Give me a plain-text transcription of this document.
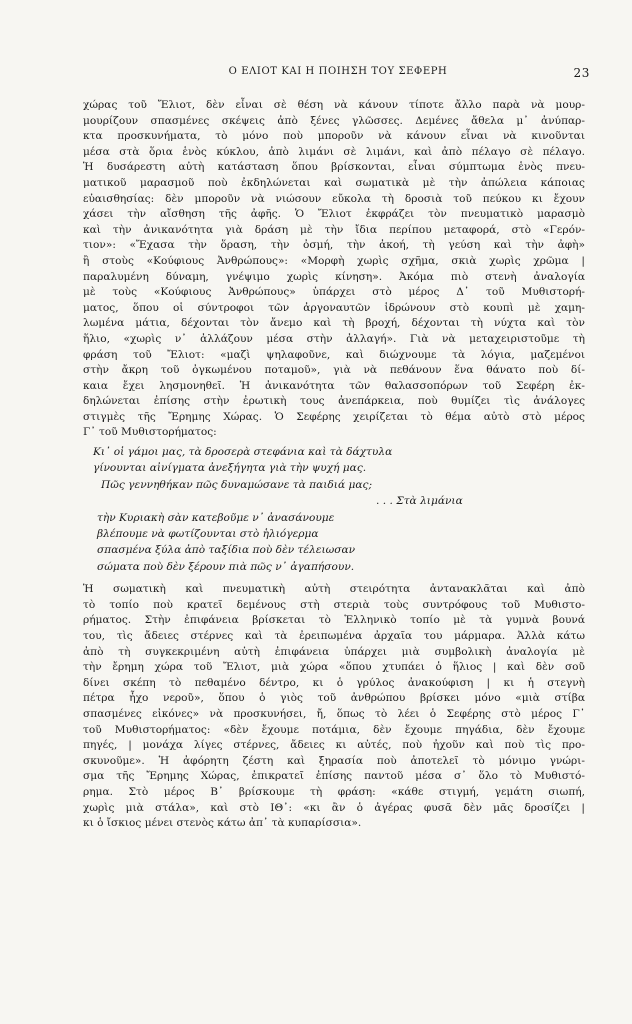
Ο ΕΛΙΟΤ ΚΑΙ Η ΠΟΙΗΣΗ ΤΟΥ ΣΕΦΕΡΗ	23
χώρας τοῦ Ἔλιοτ, δὲν εἶναι σὲ θέση νὰ κάνουν τίποτε ἄλλο παρὰ νὰ μουρ-
μουρίζουν σπασμένες σκέψεις ἀπὸ ξένες γλῶσσες. Δεμένες ἄθελα μ᾽ ἀνύπαρ-
κτα προσκυνήματα, τὸ μόνο ποὺ μποροῦν νὰ κάνουν εἶναι νὰ κινοῦνται
μέσα στὰ ὅρια ἑνὸς κύκλου, ἀπὸ λιμάνι σὲ λιμάνι, καὶ ἀπὸ πέλαγο σὲ πέλαγο.
Ἡ δυσάρεστη αὐτὴ κατάσταση ὅπου βρίσκονται, εἶναι σύμπτωμα ἑνὸς πνευ-
ματικοῦ μαρασμοῦ ποὺ ἐκδηλώνεται καὶ σωματικὰ μὲ τὴν ἀπώλεια κάποιας
εὐαισθησίας: δὲν μποροῦν νὰ νιώσουν εὔκολα τὴ δροσιὰ τοῦ πεύκου κι ἔχουν
χάσει τὴν αἴσθηση τῆς ἀφῆς. Ὁ Ἔλιοτ ἐκφράζει τὸν πνευματικὸ μαρασμὸ
καὶ τὴν ἀνικανότητα γιὰ δράση μὲ τὴν ἴδια περίπου μεταφορά, στὸ «Γερόν-
τιον»: «Ἔχασα τὴν ὅραση, τὴν ὀσμή, τὴν ἀκοή, τὴ γεύση καὶ τὴν ἀφὴ»
ἢ στοὺς «Κούφιους Ἀνθρώπους»: «Μορφὴ χωρὶς σχῆμα, σκιὰ χωρὶς χρῶμα |
παραλυμένη δύναμη, γνέψιμο χωρὶς κίνηση». Ἀκόμα πιὸ στενὴ ἀναλογία
μὲ τοὺς «Κούφιους Ἀνθρώπους» ὑπάρχει στὸ μέρος Δ᾽ τοῦ Μυθιστορή-
ματος, ὅπου οἱ σύντροφοι τῶν ἀργοναυτῶν ἱδρώνουν στὸ κουπὶ μὲ χαμη-
λωμένα μάτια, δέχονται τὸν ἄνεμο καὶ τὴ βροχή, δέχονται τὴ νύχτα καὶ τὸν
ἥλιο, «χωρὶς ν᾽ ἀλλάζουν μέσα στὴν ἀλλαγή». Γιὰ νὰ μεταχειριστοῦμε τὴ
φράση τοῦ Ἔλιοτ: «μαζὶ ψηλαφοῦνε, καὶ διώχνουμε τὰ λόγια, μαζεμένοι
στὴν ἄκρη τοῦ ὀγκωμένου ποταμοῦ», γιὰ νὰ πεθάνουν ἕνα θάνατο ποὺ δί-
καια ἔχει λησμονηθεῖ. Ἡ ἀνικανότητα τῶν θαλασσοπόρων τοῦ Σεφέρη ἐκ-
δηλώνεται ἐπίσης στὴν ἐρωτικὴ τους ἀνεπάρκεια, ποὺ θυμίζει τὶς ἀνάλογες
στιγμὲς τῆς Ἔρημης Χώρας. Ὁ Σεφέρης χειρίζεται τὸ θέμα αὐτὸ στὸ μέρος
Γ᾽ τοῦ Μυθιστορήματος:
Κι᾽ οἱ γάμοι μας, τὰ δροσερὰ στεφάνια καὶ τὰ δάχτυλα
γίνουνται αἰνίγματα ἀνεξήγητα γιὰ τὴν ψυχή μας.
Πῶς γεννηθήκαν πῶς δυναμώσανε τὰ παιδιά μας;
. . . Στὰ λιμάνια
τὴν Κυριακὴ σὰν κατεβοῦμε ν᾽ ἀνασάνουμε
βλέπουμε νὰ φωτίζουνται στὸ ἡλιόγερμα
σπασμένα ξύλα ἀπὸ ταξίδια ποὺ δὲν τέλειωσαν
σώματα ποὺ δὲν ξέρουν πιὰ πῶς ν᾽ ἀγαπήσουν.
Ἡ σωματικὴ καὶ πνευματικὴ αὐτὴ στειρότητα ἀντανακλᾶται καὶ ἀπὸ
τὸ τοπίο ποὺ κρατεῖ δεμένους στὴ στεριὰ τοὺς συντρόφους τοῦ Μυθιστο-
ρήματος. Στὴν ἐπιφάνεια βρίσκεται τὸ Ἑλληνικὸ τοπίο μὲ τὰ γυμνὰ βουνά
του, τὶς ἄδειες στέρνες καὶ τὰ ἐρειπωμένα ἀρχαῖα του μάρμαρα. Ἀλλὰ κάτω
ἀπὸ τὴ συγκεκριμένη αὐτὴ ἐπιφάνεια ὑπάρχει μιὰ συμβολικὴ ἀναλογία μὲ
τὴν ἔρημη χώρα τοῦ Ἔλιοτ, μιὰ χώρα «ὅπου χτυπάει ὁ ἥλιος | καὶ δὲν σοῦ
δίνει σκέπη τὸ πεθαμένο δέντρο, κι ὁ γρύλος ἀνακούφιση | κι ἡ στεγνὴ
πέτρα ἦχο νεροῦ», ὅπου ὁ γιὸς τοῦ ἀνθρώπου βρίσκει μόνο «μιὰ στίβα
σπασμένες εἰκόνες» νὰ προσκυνήσει, ἤ, ὅπως τὸ λέει ὁ Σεφέρης στὸ μέρος Γ᾽
τοῦ Μυθιστορήματος: «δὲν ἔχουμε ποτάμια, δὲν ἔχουμε πηγάδια, δὲν ἔχουμε
πηγές, | μονάχα λίγες στέρνες, ἄδειες κι αὐτές, ποὺ ἠχοῦν καὶ ποὺ τὶς προ-
σκυνοῦμε». Ἡ ἀφόρητη ζέστη καὶ ξηρασία ποὺ ἀποτελεῖ τὸ μόνιμο γνώρι-
σμα τῆς Ἔρημης Χώρας, ἐπικρατεῖ ἐπίσης παντοῦ μέσα σ᾽ ὅλο τὸ Μυθιστό-
ρημα. Στὸ μέρος Β᾽ βρίσκουμε τὴ φράση: «κάθε στιγμή, γεμάτη σιωπή,
χωρὶς μιὰ στάλα», καὶ στὸ ΙΘ᾽: «κι ἂν ὁ ἀγέρας φυσᾶ δὲν μᾶς δροσίζει |
κι ὁ ἴσκιος μένει στενὸς κάτω ἀπ᾽ τὰ κυπαρίσσια».
